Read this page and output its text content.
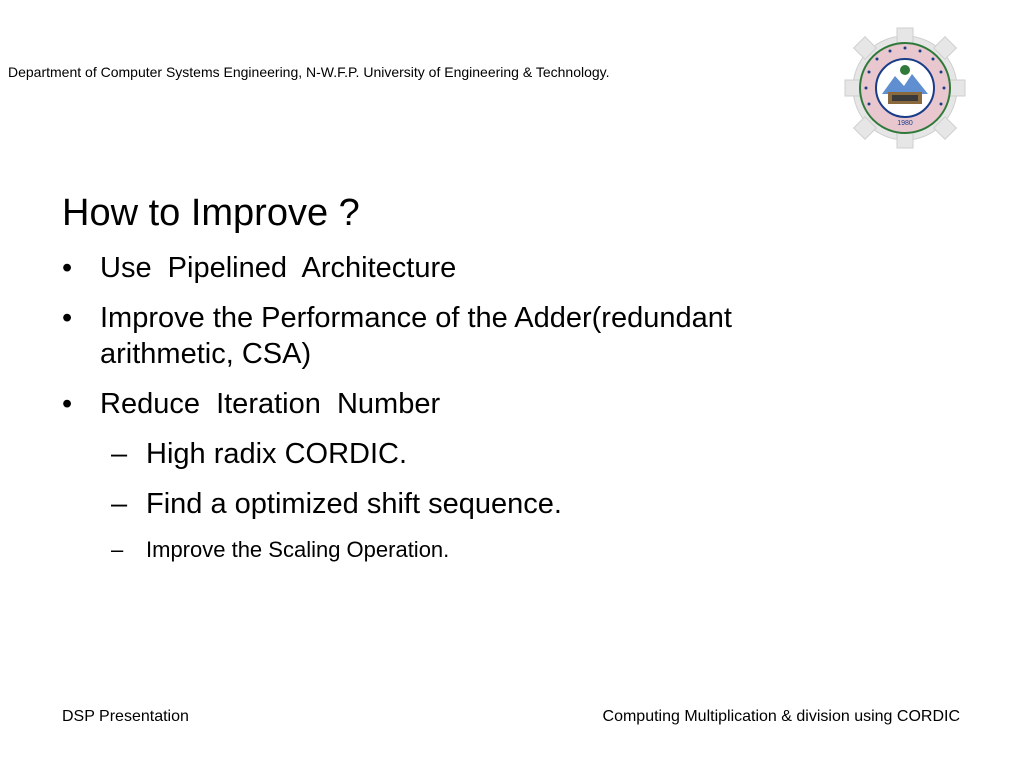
Department of Computer Systems Engineering, N-W.F.P. University of Engineering & Technology.
1980
How to Improve ?
• Use  Pipelined  Architecture
• Improve the Performance of the Adder(redundant arithmetic, CSA)
• Reduce  Iteration  Number
– High radix CORDIC.
– Find a optimized shift sequence.
– Improve the Scaling Operation.
DSP Presentation	Computing Multiplication & division using CORDIC
